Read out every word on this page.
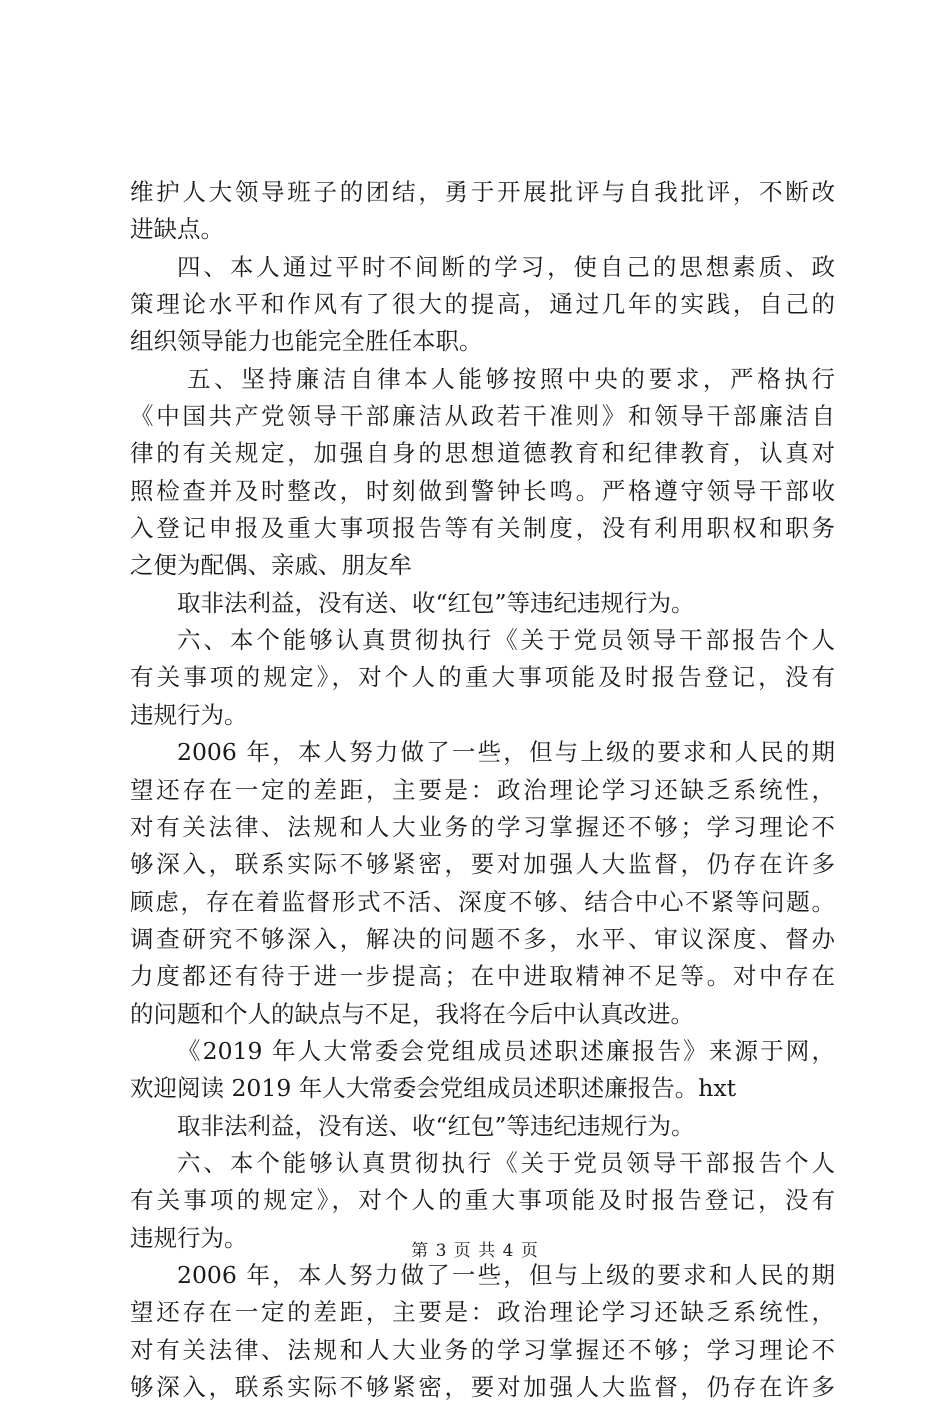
维护人大领导班子的团结，勇于开展批评与自我批评，不断改
进缺点。
四、本人通过平时不间断的学习，使自己的思想素质、政
策理论水平和作风有了很大的提高，通过几年的实践，自己的
组织领导能力也能完全胜任本职。
五、坚持廉洁自律本人能够按照中央的要求，严格执行
《中国共产党领导干部廉洁从政若干准则》和领导干部廉洁自
律的有关规定，加强自身的思想道德教育和纪律教育，认真对
照检查并及时整改，时刻做到警钟长鸣。严格遵守领导干部收
入登记申报及重大事项报告等有关制度，没有利用职权和职务
之便为配偶、亲戚、朋友牟
取非法利益，没有送、收“红包”等违纪违规行为。
六、本个能够认真贯彻执行《关于党员领导干部报告个人
有关事项的规定》，对个人的重大事项能及时报告登记，没有
违规行为。
2006 年，本人努力做了一些，但与上级的要求和人民的期
望还存在一定的差距，主要是：政治理论学习还缺乏系统性，
对有关法律、法规和人大业务的学习掌握还不够；学习理论不
够深入，联系实际不够紧密，要对加强人大监督，仍存在许多
顾虑，存在着监督形式不活、深度不够、结合中心不紧等问题。
调查研究不够深入，解决的问题不多，水平、审议深度、督办
力度都还有待于进一步提高；在中进取精神不足等。对中存在
的问题和个人的缺点与不足，我将在今后中认真改进。
《2019 年人大常委会党组成员述职述廉报告》来源于网，
欢迎阅读 2019 年人大常委会党组成员述职述廉报告。hxt
取非法利益，没有送、收“红包”等违纪违规行为。
六、本个能够认真贯彻执行《关于党员领导干部报告个人
有关事项的规定》，对个人的重大事项能及时报告登记，没有
违规行为。
2006 年，本人努力做了一些，但与上级的要求和人民的期
望还存在一定的差距，主要是：政治理论学习还缺乏系统性，
对有关法律、法规和人大业务的学习掌握还不够；学习理论不
够深入，联系实际不够紧密，要对加强人大监督，仍存在许多
第 3 页 共 4 页
